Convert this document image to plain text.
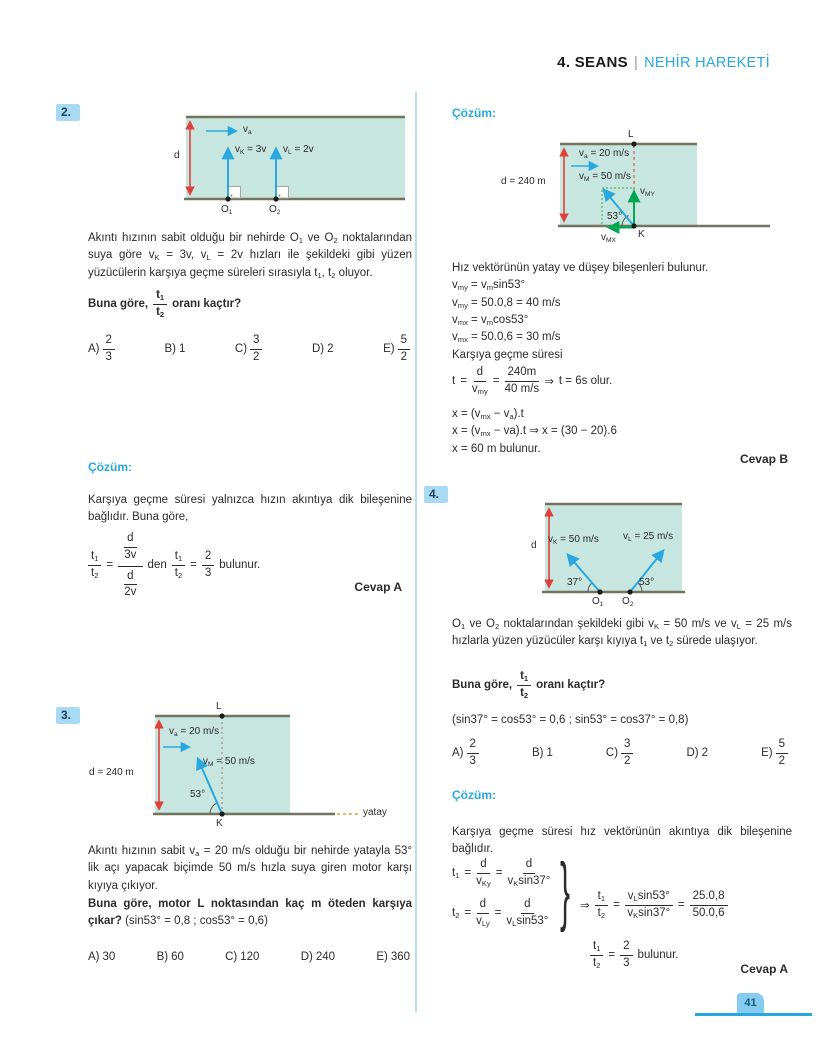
4. SEANS | NEHİR HAREKETİ
2.
d
$v_a$
$v_K = 3v$ $v_L = 2v$
$O_1$	$O_2$
Akıntı hızının sabit olduğu bir nehirde $O_1$ ve $O_2$ noktalarından suya göre $v_K = 3v$, $v_L = 2v$ hızları ile şekildeki gibi yüzen yüzücülerin karşıya geçme süreleri sırasıyla $t_1$, $t_2$ oluyor.
Buna göre, $\frac{t_1}{t_2}$ oranı kaçtır?
$A) \frac{2}{3}$	B) 1	$C) \frac{3}{2}$	D) 2	$E) \frac{5}{2}$
Çözüm:
Karşıya geçme süresi yalnızca hızın akıntıya dik bileşenine bağlıdır. Buna göre,
$\frac{t_1}{t_2} = \frac{\frac{d}{3v}}{\frac{d}{2v}}$ den $\frac{t_1}{t_2} = \frac{2}{3}$ bulunur.
Cevap A
3.
L
d = 240 m
$v_a = 20$ m/s
$v_M = 50$ m/s
53°
K
yatay
Akıntı hızının sabit $v_a = 20$ m/s olduğu bir nehirde yatayla 53° lik açı yapacak biçimde 50 m/s hızla suya giren motor karşı kıyıya çıkıyor.
Buna göre, motor L noktasından kaç m öteden karşıya çıkar? (sin53° = 0,8 ; cos53° = 0,6)
A) 30	B) 60	C) 120	D) 240	E) 360
Çözüm:
L
d = 240 m
$v_a = 20$ m/s
$v_M = 50$ m/s
$v_{MY}$
$v_{MX}$
53°
K
Hız vektörünün yatay ve düşey bileşenleri bulunur.
$v_{my} = v_m\sin 53^\circ$
$v_{my} = 50.0,8 = 40$ m/s
$v_{mx} = v_m\cos 53^\circ$
$v_{mx} = 50.0,6 = 30$ m/s
Karşıya geçme süresi
$t = \frac{d}{v_{my}} = \frac{240m}{40 m/s}$ ⇒ t = 6s olur.
$x = (v_{mx} - v_a).t$
$x = (v_{mx} - va).t$ ⇒ x = (30 − 20).6
x = 60 m bulunur.
Cevap B
4.
d
$v_K = 50$ m/s $v_L = 25$ m/s
37°	53°
$O_1$ $O_2$
$O_1$ ve $O_2$ noktalarından şekildeki gibi $v_K = 50$ m/s ve $v_L = 25$ m/s hızlarla yüzen yüzücüler karşı kıyıya $t_1$ ve $t_2$ sürede ulaşıyor.
Buna göre, $\frac{t_1}{t_2}$ oranı kaçtır?
(sin37° = cos53° = 0,6 ; sin53° = cos37° = 0,8)
$A) \frac{2}{3}$	B) 1	$C) \frac{3}{2}$	D) 2	$E) \frac{5}{2}$
Çözüm:
Karşıya geçme süresi hız vektörünün akıntıya dik bileşenine bağlıdır.
$t_1 = \frac{d}{v_{Ky}} = \frac{d}{v_K\sin 37^\circ}$
$t_2 = \frac{d}{v_{Ly}} = \frac{d}{v_L\sin 53^\circ}$ } ⇒ $\frac{t_1}{t_2} = \frac{v_L\sin 53^\circ}{v_K\sin 37^\circ} = \frac{25.0,8}{50.0,6}$
$\frac{t_1}{t_2} = \frac{2}{3}$ bulunur.
Cevap A
41
